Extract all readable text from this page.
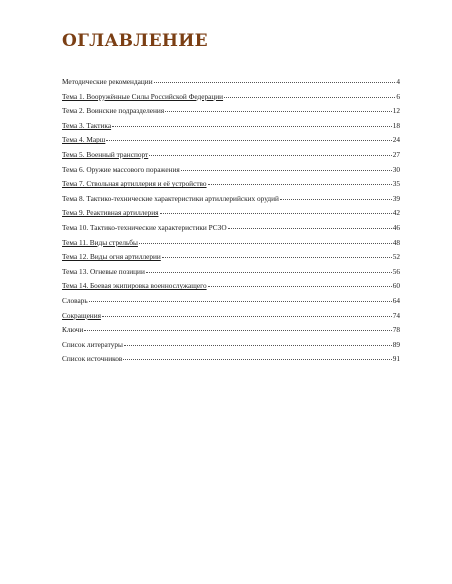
ОГЛАВЛЕНИЕ
Методические рекомендации	4
Тема 1. Вооружённые Силы Российской Федерации	6
Тема 2. Воинские подразделения	12
Тема 3. Тактика	18
Тема 4. Марш	24
Тема 5. Военный транспорт	27
Тема 6. Оружие массового поражения	30
Тема 7. Ствольная артиллерия и её устройство	35
Тема 8. Тактико-технические характеристики артиллерийских орудий	39
Тема 9. Реактивная артиллерия	42
Тема 10. Тактико-технические характеристики РСЗО	46
Тема 11. Виды стрельбы	48
Тема 12. Виды огня артиллерии	52
Тема 13. Огневые позиции	56
Тема 14. Боевая экипировка военнослужащего	60
Словарь	64
Сокращения	74
Ключи	78
Список литературы	89
Список источников	91
